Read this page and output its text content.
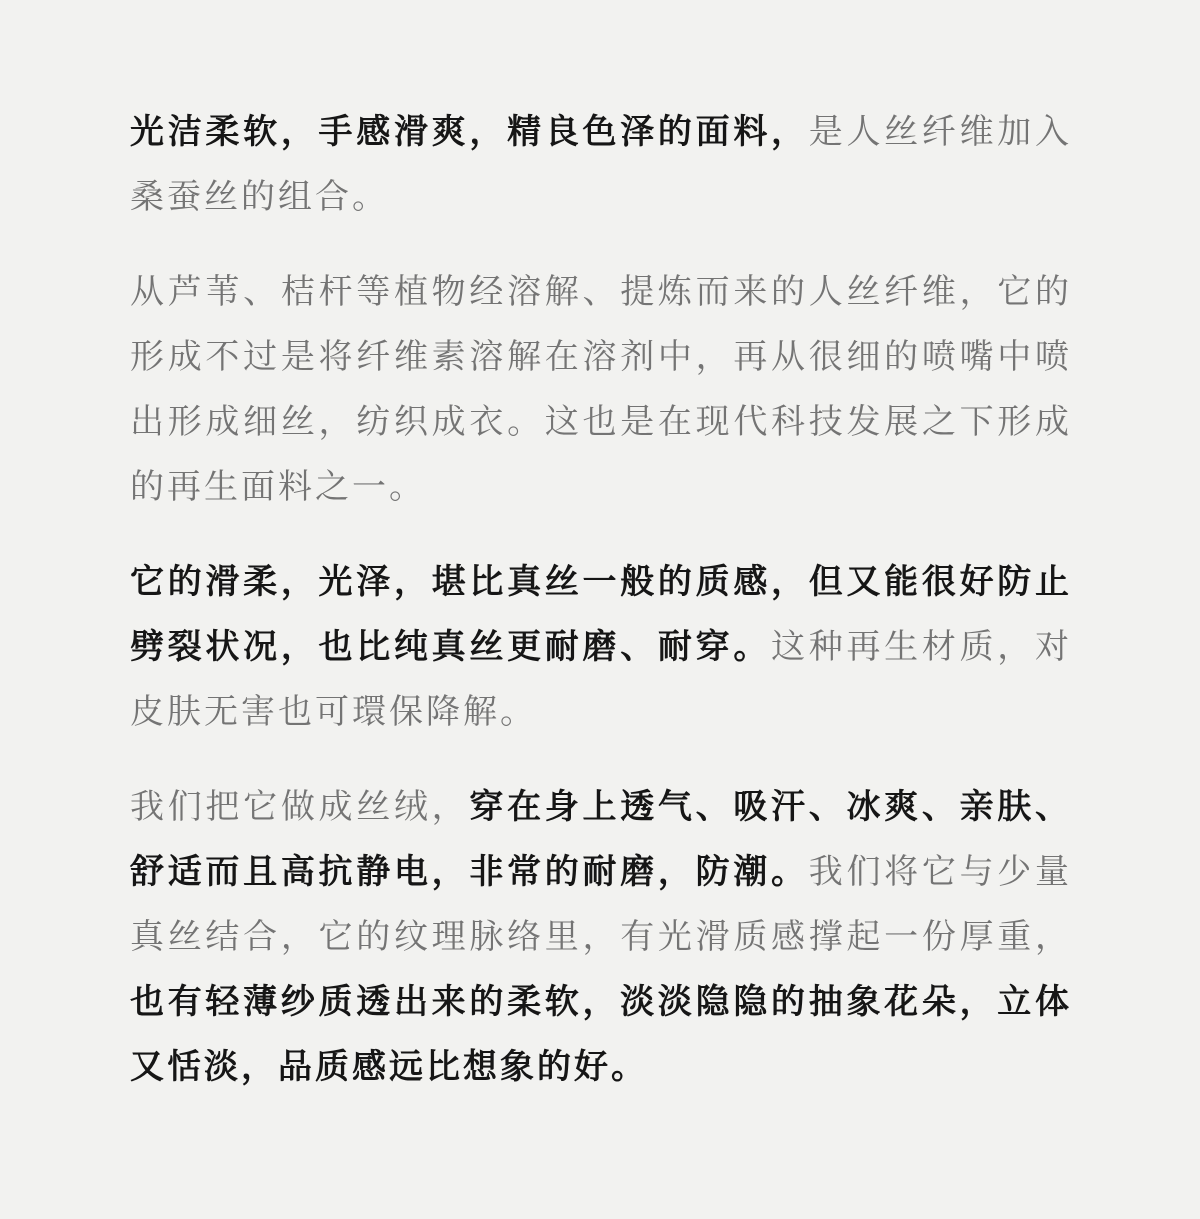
光洁柔软，手感滑爽，精良色泽的面料，是人丝纤维加入桑蚕丝的组合。

从芦苇、桔杆等植物经溶解、提炼而来的人丝纤维，它的形成不过是将纤维素溶解在溶剂中，再从很细的喷嘴中喷出形成细丝，纺织成衣。这也是在现代科技发展之下形成的再生面料之一。

它的滑柔，光泽，堪比真丝一般的质感，但又能很好防止劈裂状况，也比纯真丝更耐磨、耐穿。这种再生材质，对皮肤无害也可環保降解。

我们把它做成丝绒，穿在身上透气、吸汗、冰爽、亲肤、舒适而且高抗静电，非常的耐磨，防潮。我们将它与少量真丝结合，它的纹理脉络里，有光滑质感撑起一份厚重，也有轻薄纱质透出来的柔软，淡淡隐隐的抽象花朵，立体又恬淡，品质感远比想象的好。
